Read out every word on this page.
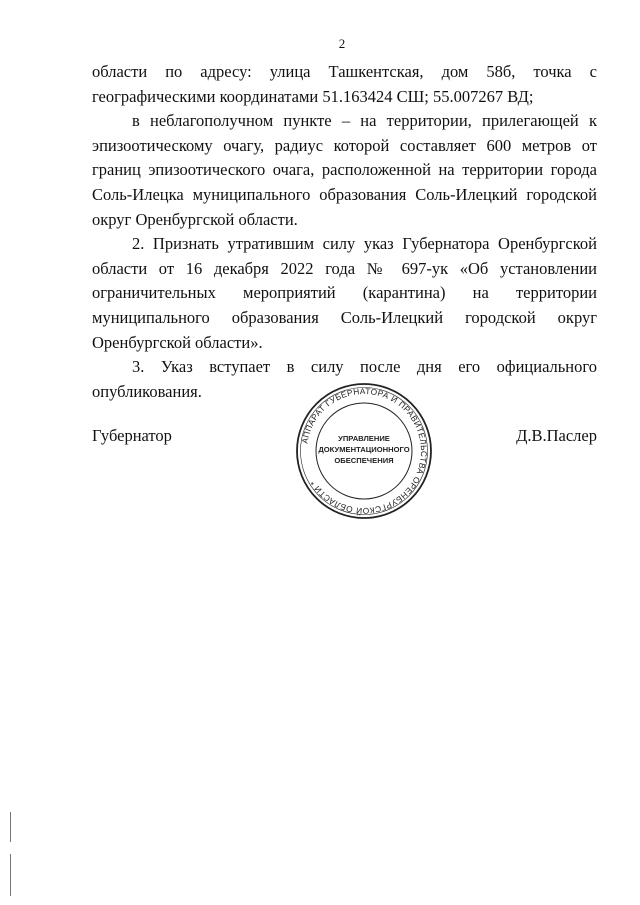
2

области по адресу: улица Ташкентская, дом 58б, точка с географическими координатами 51.163424 СШ; 55.007267 ВД;

в неблагополучном пункте – на территории, прилегающей к эпизоотическому очагу, радиус которой составляет 600 метров от границ эпизоотического очага, расположенной на территории города Соль-Илецка муниципального образования Соль-Илецкий городской округ Оренбургской области.

2. Признать утратившим силу указ Губернатора Оренбургской области от 16 декабря 2022 года № 697-ук «Об установлении ограничительных мероприятий (карантина) на территории муниципального образования Соль-Илецкий городской округ Оренбургской области».

3. Указ вступает в силу после дня его официального опубликования.

Губернатор	Д.В.Паслер
АППАРАТ ГУБЕРНАТОРА И ПРАВИТЕЛЬСТВА ОРЕНБУРГСКОЙ ОБЛАСТИ *
УПРАВЛЕНИЕ
ДОКУМЕНТАЦИОННОГО
ОБЕСПЕЧЕНИЯ
